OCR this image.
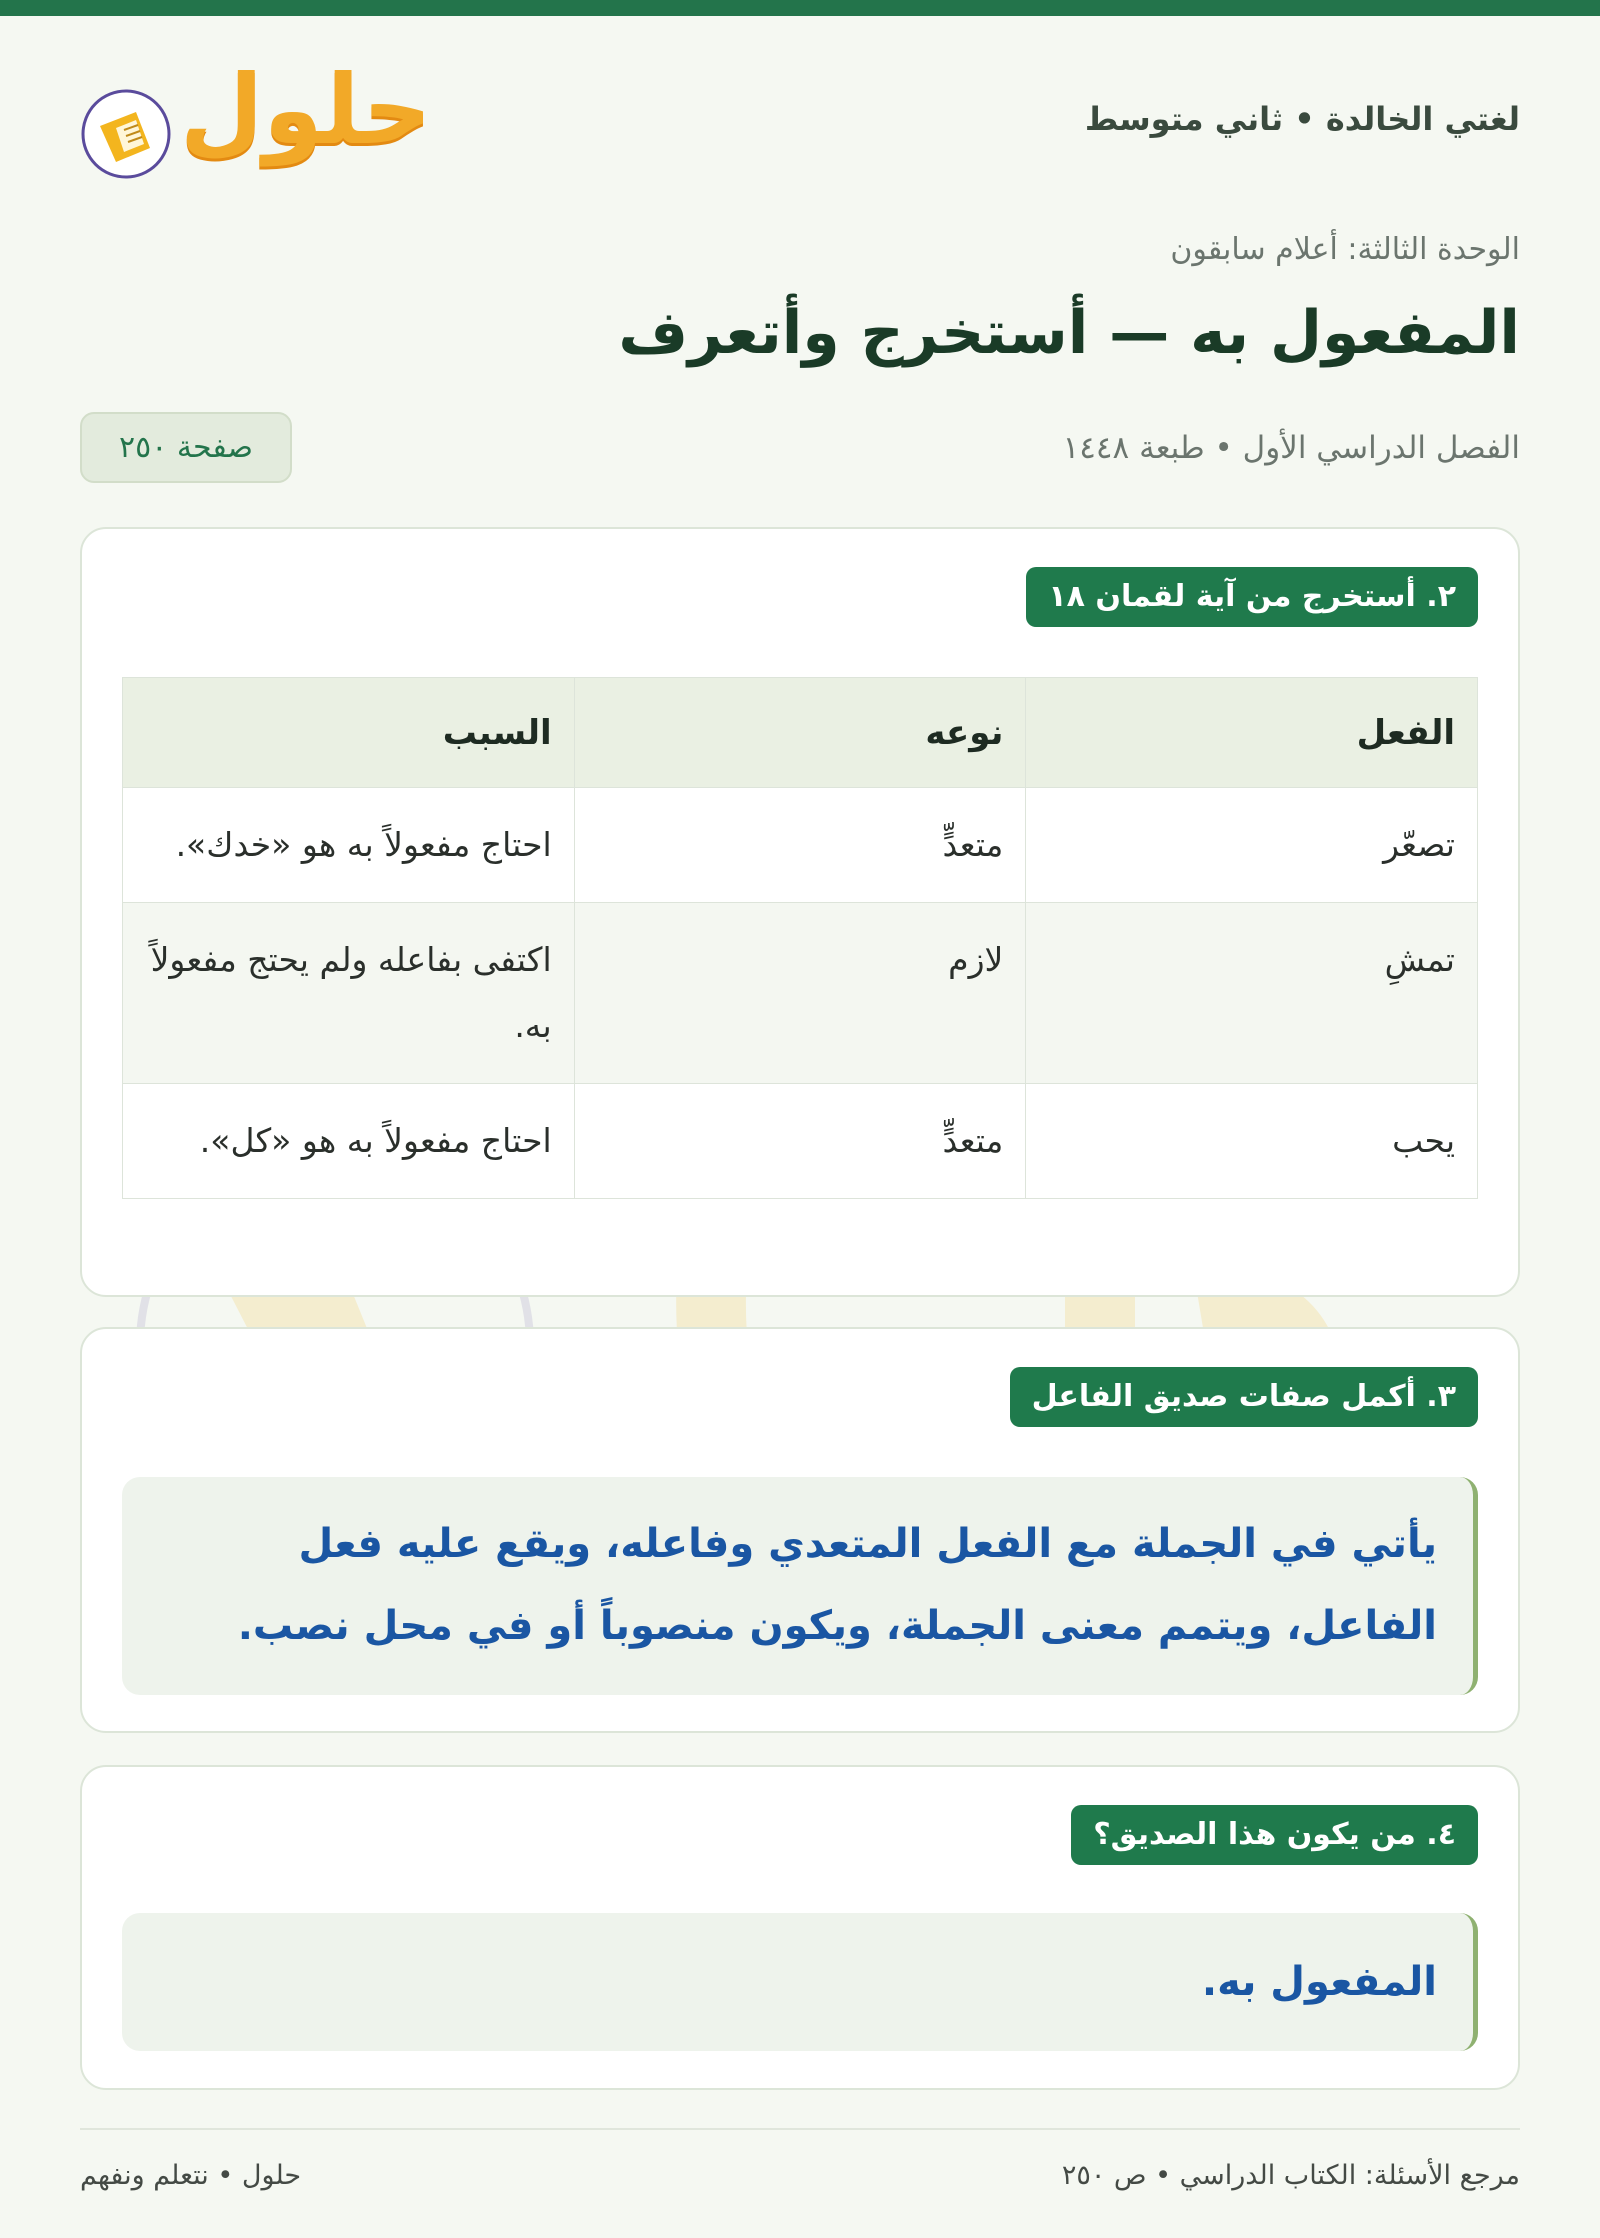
حلول	لغتي الخالدة • ثاني متوسط
الوحدة الثالثة: أعلام سابقون
المفعول به — أستخرج وأتعرف
الفصل الدراسي الأول • طبعة ١٤٤٨
صفحة ٢٥٠
٢. أستخرج من آية لقمان ١٨
الفعل	نوعه	السبب
تصعّر	متعدٍّ	احتاج مفعولاً به هو «خدك».
تمشِ	لازم	اكتفى بفاعله ولم يحتج مفعولاً به.
يحب	متعدٍّ	احتاج مفعولاً به هو «كل».
٣. أكمل صفات صديق الفاعل
يأتي في الجملة مع الفعل المتعدي وفاعله، ويقع عليه فعل الفاعل، ويتمم معنى الجملة، ويكون منصوباً أو في محل نصب.
٤. من يكون هذا الصديق؟
المفعول به.
مرجع الأسئلة: الكتاب الدراسي • ص ٢٥٠
حلول • نتعلم ونفهم
